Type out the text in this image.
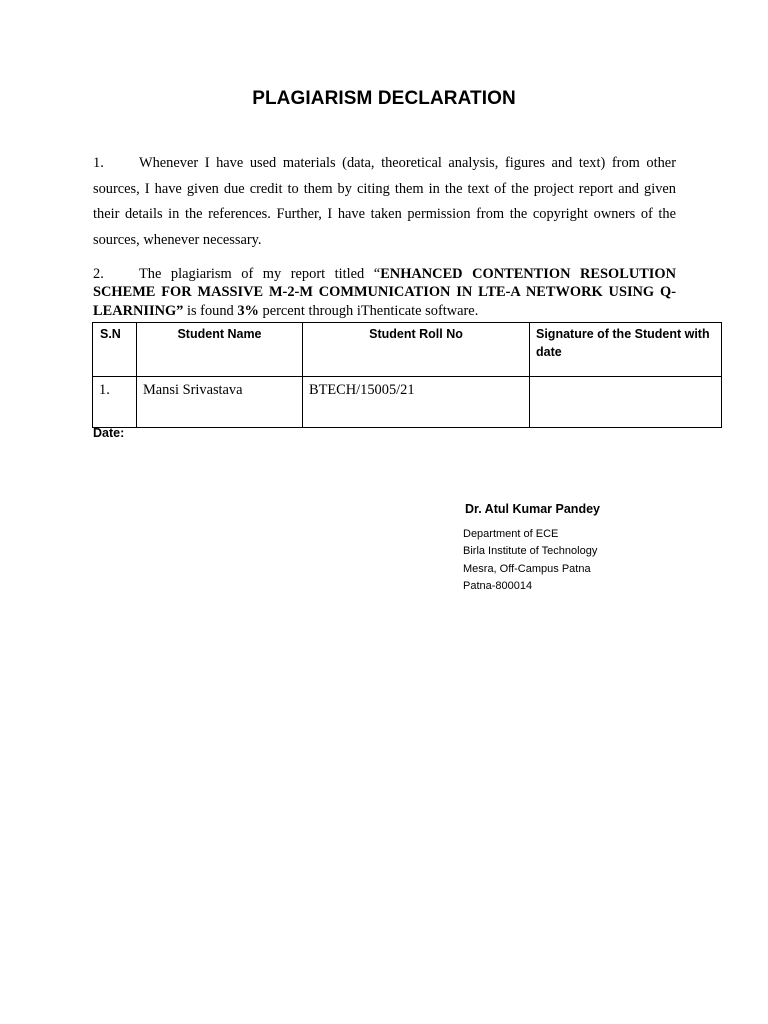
PLAGIARISM DECLARATION
1. Whenever I have used materials (data, theoretical analysis, figures and text) from other sources, I have given due credit to them by citing them in the text of the project report and given their details in the references. Further, I have taken permission from the copyright owners of the sources, whenever necessary.
2. The plagiarism of my report titled “ENHANCED CONTENTION RESOLUTION SCHEME FOR MASSIVE M-2-M COMMUNICATION IN LTE-A NETWORK USING Q-LEARNIING” is found 3% percent through iThenticate software.
S.N	Student Name	Student Roll No	Signature of the Student with date
1.	Mansi Srivastava	BTECH/15005/21	
Date:
Dr. Atul Kumar Pandey
Department of ECE
Birla Institute of Technology
Mesra, Off-Campus Patna
Patna-800014
